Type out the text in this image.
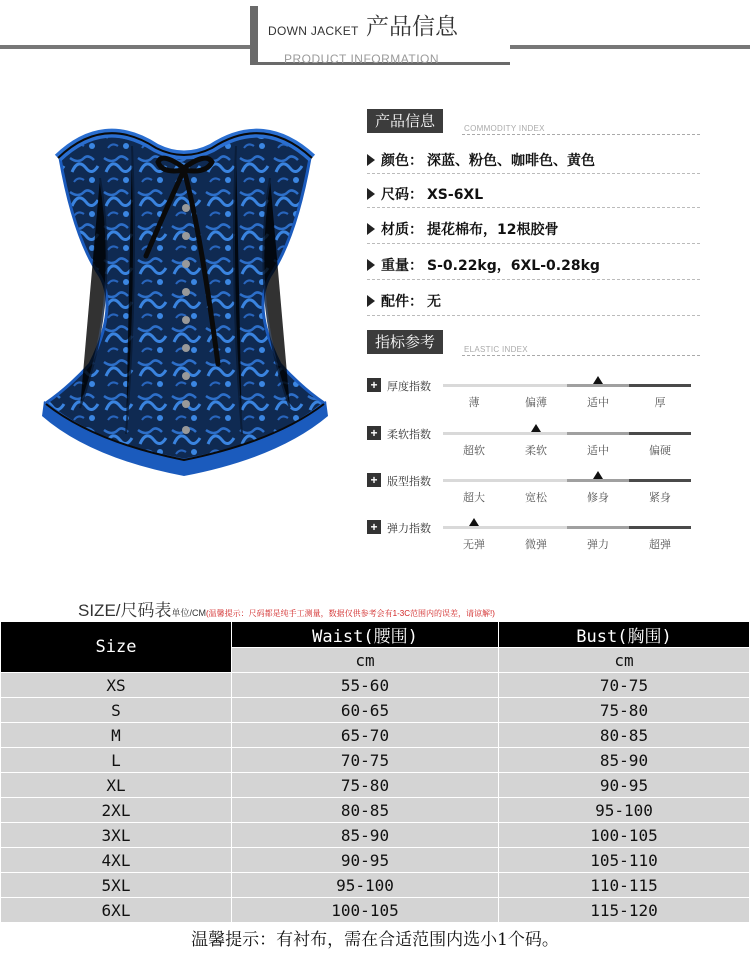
DOWN JACKET 产品信息
PRODUCT INFORMATION
产品信息	COMMODITY INDEX
颜色： 深蓝、粉色、咖啡色、黄色
尺码： XS-6XL
材质： 提花棉布，12根胶骨
重量： S-0.22kg，6XL-0.28kg
配件： 无
指标参考	ELASTIC INDEX
+ 厚度指数
薄	偏薄	适中	厚
+ 柔软指数
超软	柔软	适中	偏硬
+ 版型指数
超大	宽松	修身	紧身
+ 弹力指数
无弹	微弹	弹力	超弹
SIZE/尺码表单位/CM(温馨提示：尺码都是纯手工测量，数据仅供参考会有1-3C范围内的误差，请谅解!)
Size	Waist(腰围)	Bust(胸围)
	cm	cm
XS	55-60	70-75
S	60-65	75-80
M	65-70	80-85
L	70-75	85-90
XL	75-80	90-95
2XL	80-85	95-100
3XL	85-90	100-105
4XL	90-95	105-110
5XL	95-100	110-115
6XL	100-105	115-120
温馨提示：有衬布，需在合适范围内选小1个码。
